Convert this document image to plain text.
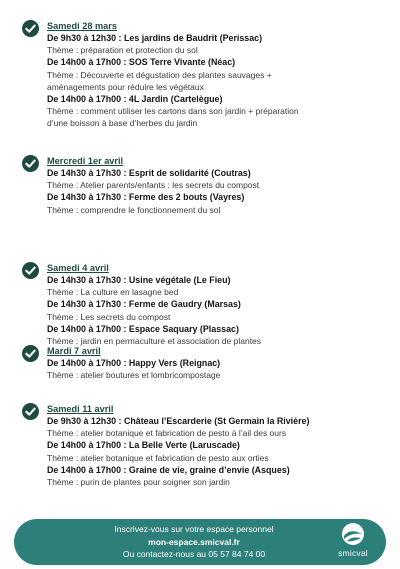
Samedi 28 mars
De 9h30 à 12h30 : Les jardins de Baudrit (Perissac)
Thème : préparation et protection du sol
De 14h00 à 17h00 : SOS Terre Vivante (Néac)
Thème : Découverte et dégustation des plantes sauvages +
aménagements pour réduire les végétaux
De 14h00 à 17h00 : 4L Jardin (Cartelègue)
Thème : comment utiliser les cartons dans son jardin + préparation
d’une boisson à base d’herbes du jardin
Mercredi 1er avril
De 14h30 à 17h30 : Esprit de solidarité (Coutras)
Thème : Atelier parents/enfants : les secrets du compost
De 14h30 à 17h30 : Ferme des 2 bouts (Vayres)
Thème : comprendre le fonctionnement du sol
Samedi 4 avril
De 14h30 à 17h30 : Usine végétale (Le Fieu)
Thème : La culture en lasagne bed
De 14h30 à 17h30 : Ferme de Gaudry (Marsas)
Thème : Les secrets du compost
De 14h00 à 17h00 : Espace Saquary (Plassac)
Thème : jardin en permaculture et association de plantes
Mardi 7 avril
De 14h00 à 17h00 : Happy Vers (Reignac)
Thème : atelier boutures et lombricompostage
Samedi 11 avril
De 9h30 à 12h30 : Château l’Escarderie (St Germain la Rivière)
Thème : atelier botanique et fabrication de pesto à l’ail des ours
De 14h00 à 17h00 : La Belle Verte (Laruscade)
Thème : atelier botanique et fabrication de pesto aux orties
De 14h00 à 17h00 : Graine de vie, graine d’envie (Asques)
Thème : purin de plantes pour soigner son jardin
Inscrivez-vous sur votre espace personnel
mon-espace.smicval.fr
Ou contactez-nous au 05 57 84 74 00	smicval
